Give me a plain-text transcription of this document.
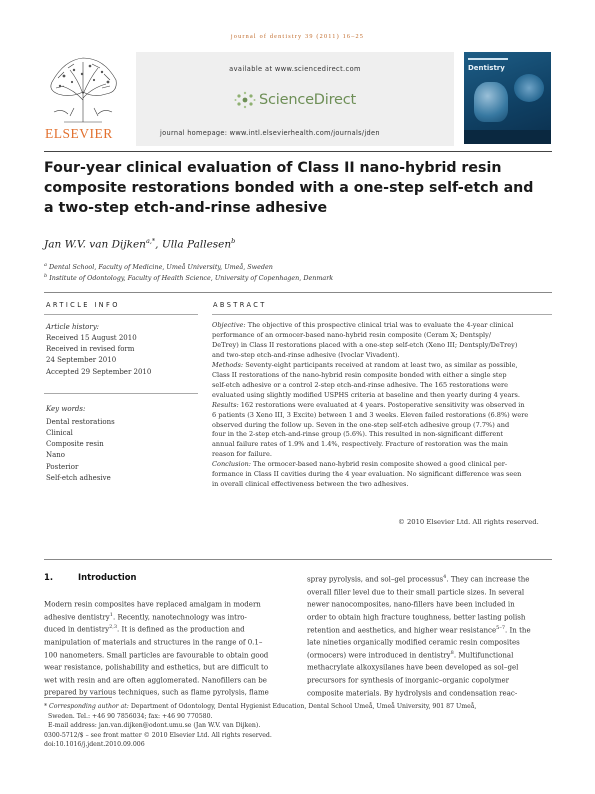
journal of dentistry 39 (2011) 16–25
ELSEVIER
available at www.sciencedirect.com
ScienceDirect
journal homepage: www.intl.elsevierhealth.com/journals/jden
Dentistry
Four-year clinical evaluation of Class II nano-hybrid resin
composite restorations bonded with a one-step self-etch and
a two-step etch-and-rinse adhesive
Jan W.V. van Dijken$^{a,*}$, Ulla Pallesen$^b$
$^a$ Dental School, Faculty of Medicine, Umeå University, Umeå, Sweden
$^b$ Institute of Odontology, Faculty of Health Science, University of Copenhagen, Denmark
ARTICLE INFO	ABSTRACT
Article history:
Received 15 August 2010
Received in revised form
24 September 2010
Accepted 29 September 2010
Key words:
Dental restorations
Clinical
Composite resin
Nano
Posterior
Self-etch adhesive
Objective: The objective of this prospective clinical trial was to evaluate the 4-year clinical
performance of an ormocer-based nano-hybrid resin composite (Ceram X; Dentsply/
DeTrey) in Class II restorations placed with a one-step self-etch (Xeno III; Dentsply/DeTrey)
and two-step etch-and-rinse adhesive (Ivoclar Vivadent).
Methods: Seventy-eight participants received at random at least two, as similar as possible,
Class II restorations of the nano-hybrid resin composite bonded with either a single step
self-etch adhesive or a control 2-step etch-and-rinse adhesive. The 165 restorations were
evaluated using slightly modified USPHS criteria at baseline and then yearly during 4 years.
Results: 162 restorations were evaluated at 4 years. Postoperative sensitivity was observed in
6 patients (3 Xeno III, 3 Excite) between 1 and 3 weeks. Eleven failed restorations (6.8%) were
observed during the follow up. Seven in the one-step self-etch adhesive group (7.7%) and
four in the 2-step etch-and-rinse group (5.6%). This resulted in non-significant different
annual failure rates of 1.9% and 1.4%, respectively. Fracture of restoration was the main
reason for failure.
Conclusion: The ormocer-based nano-hybrid resin composite showed a good clinical per-
formance in Class II cavities during the 4 year evaluation. No significant difference was seen
in overall clinical effectiveness between the two adhesives.
© 2010 Elsevier Ltd. All rights reserved.
1.	Introduction
Modern resin composites have replaced amalgam in modern
adhesive dentistry$^1$. Recently, nanotechnology was intro-
duced in dentistry$^{2,3}$. It is defined as the production and
manipulation of materials and structures in the range of 0.1–
100 nanometers. Small particles are favourable to obtain good
wear resistance, polishability and esthetics, but are difficult to
wet with resin and are often agglomerated. Nanofillers can be
prepared by various techniques, such as flame pyrolysis, flame
spray pyrolysis, and sol–gel processus$^4$. They can increase the
overall filler level due to their small particle sizes. In several
newer nanocomposites, nano-fillers have been included in
order to obtain high fracture toughness, better lasting polish
retention and aesthetics, and higher wear resistance$^{5-7}$. In the
late nineties organically modified ceramic resin composites
(ormocers) were introduced in dentistry$^8$. Multifunctional
methacrylate alkoxysilanes have been developed as sol–gel
precursors for synthesis of inorganic–organic copolymer
composite materials. By hydrolysis and condensation reac-
* Corresponding author at: Department of Odontology, Dental Hygienist Education, Dental School Umeå, Umeå University, 901 87 Umeå,
Sweden. Tel.: +46 90 7856034; fax: +46 90 770580.
E-mail address: jan.van.dijken@odont.umu.se (Jan W.V. van Dijken).
0300-5712/$ – see front matter © 2010 Elsevier Ltd. All rights reserved.
doi:10.1016/j.jdent.2010.09.006
